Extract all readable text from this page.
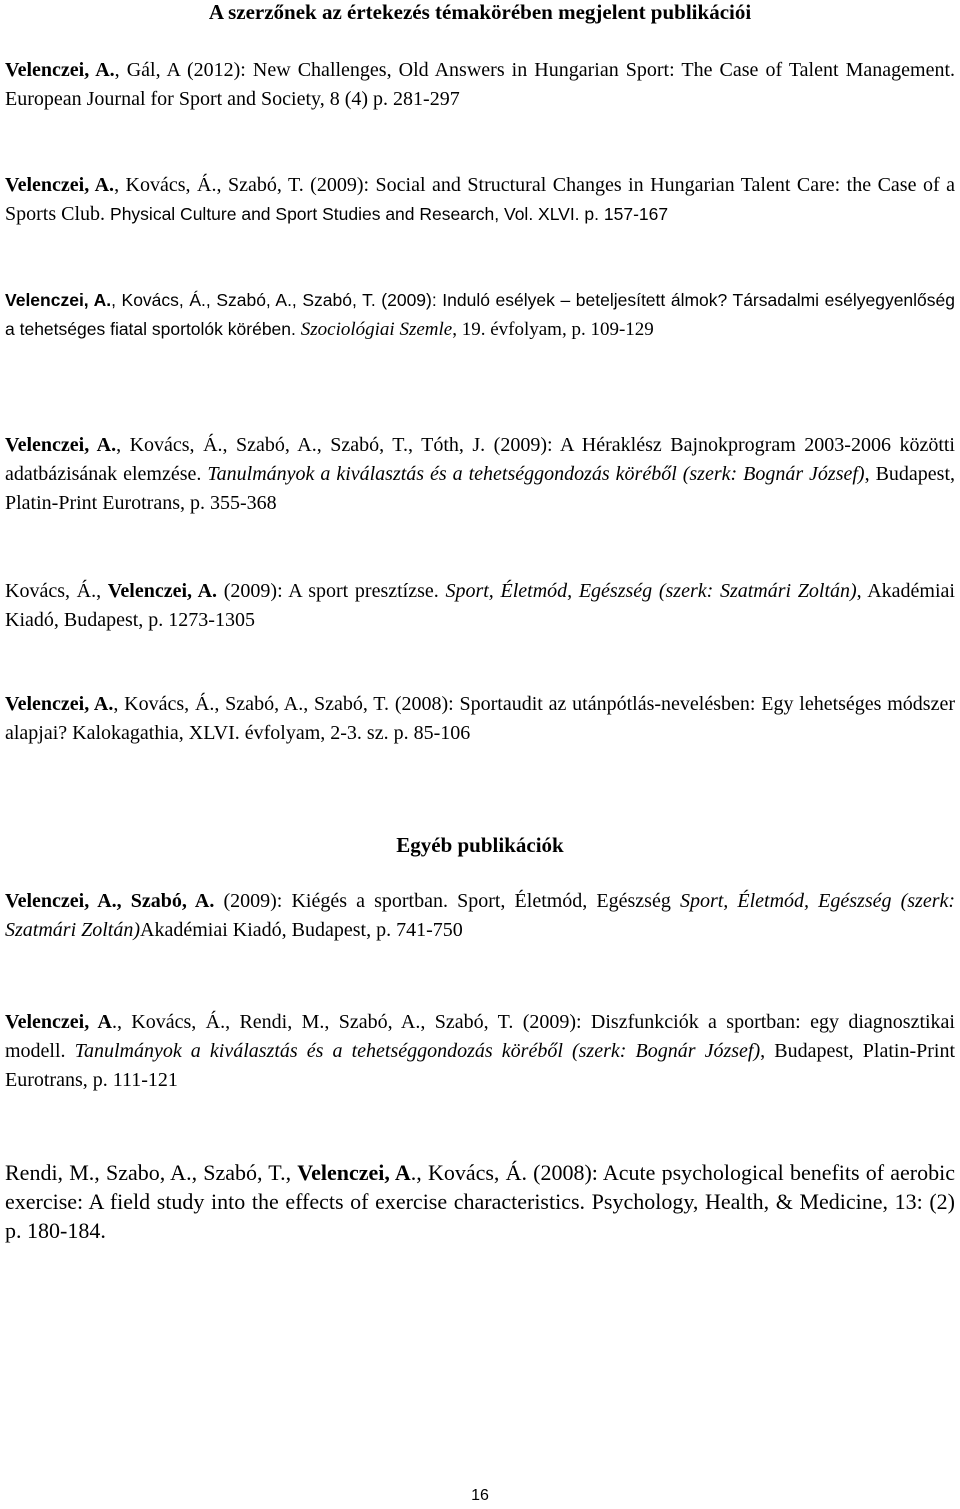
A szerzőnek az értekezés témakörében megjelent publikációi
Velenczei, A., Gál, A (2012): New Challenges, Old Answers in Hungarian Sport: The Case of Talent Management. European Journal for Sport and Society, 8 (4) p. 281-297
Velenczei, A., Kovács, Á., Szabó, T. (2009): Social and Structural Changes in Hungarian Talent Care: the Case of a Sports Club. Physical Culture and Sport Studies and Research, Vol. XLVI. p. 157-167
Velenczei, A., Kovács, Á., Szabó, A., Szabó, T. (2009): Induló esélyek – beteljesített álmok? Társadalmi esélyegyenlőség a tehetséges fiatal sportolók körében. Szociológiai Szemle, 19. évfolyam, p. 109-129
Velenczei, A., Kovács, Á., Szabó, A., Szabó, T., Tóth, J. (2009): A Héraklész Bajnokprogram 2003-2006 közötti adatbázisának elemzése. Tanulmányok a kiválasztás és a tehetséggondozás köréből (szerk: Bognár József), Budapest, Platin-Print Eurotrans, p. 355-368
Kovács, Á., Velenczei, A. (2009): A sport presztízse. Sport, Életmód, Egészség (szerk: Szatmári Zoltán), Akadémiai Kiadó, Budapest, p. 1273-1305
Velenczei, A., Kovács, Á., Szabó, A., Szabó, T. (2008): Sportaudit az utánpótlás-nevelésben: Egy lehetséges módszer alapjai? Kalokagathia, XLVI. évfolyam, 2-3. sz. p. 85-106
Egyéb publikációk
Velenczei, A., Szabó, A. (2009): Kiégés a sportban. Sport, Életmód, Egészség Sport, Életmód, Egészség (szerk: Szatmári Zoltán)Akadémiai Kiadó, Budapest, p. 741-750
Velenczei, A., Kovács, Á., Rendi, M., Szabó, A., Szabó, T. (2009): Diszfunkciók a sportban: egy diagnosztikai modell. Tanulmányok a kiválasztás és a tehetséggondozás köréből (szerk: Bognár József), Budapest, Platin-Print Eurotrans, p. 111-121
Rendi, M., Szabo, A., Szabó, T., Velenczei, A., Kovács, Á. (2008): Acute psychological benefits of aerobic exercise: A field study into the effects of exercise characteristics. Psychology, Health, & Medicine, 13: (2) p. 180-184.
16
